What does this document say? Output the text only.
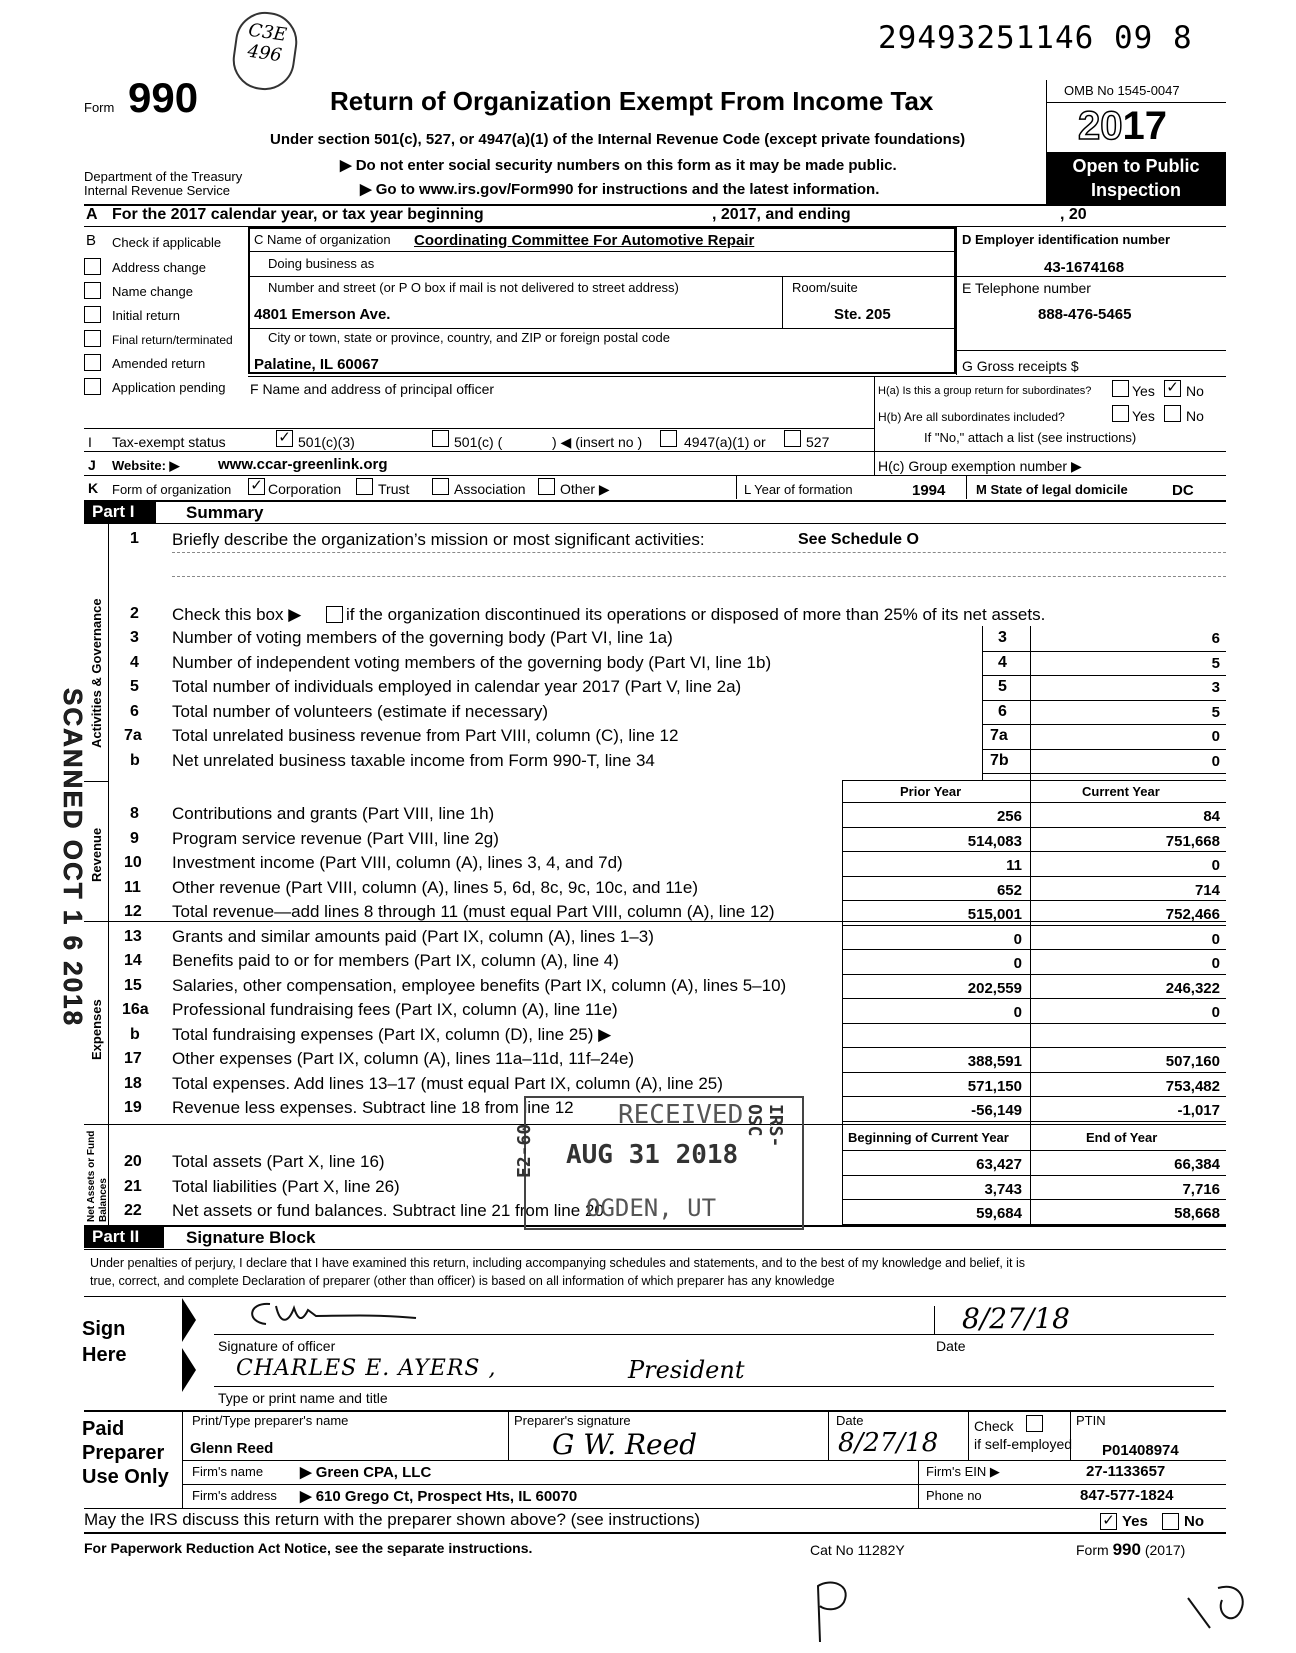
29493251146 09 8
C3E
496
Form 990
Department of the Treasury
Internal Revenue Service
Return of Organization Exempt From Income Tax
Under section 501(c), 527, or 4947(a)(1) of the Internal Revenue Code (except private foundations)
▶ Do not enter social security numbers on this form as it may be made public.
▶ Go to www.irs.gov/Form990 for instructions and the latest information.
OMB No 1545-0047
2017
Open to Public
Inspection
A For the 2017 calendar year, or tax year beginning	, 2017, and ending	, 20
B Check if applicable
Address change
Name change
Initial return
Final return/terminated
Amended return
Application pending
C Name of organization Coordinating Committee For Automotive Repair
Doing business as
Number and street (or P O box if mail is not delivered to street address)	Room/suite
4801 Emerson Ave.	Ste. 205
City or town, state or province, country, and ZIP or foreign postal code
Palatine, IL 60067
D Employer identification number
43-1674168
E Telephone number
888-476-5465
G Gross receipts $
F Name and address of principal officer	H(a) Is this a group return for subordinates?	Yes ✓ No
H(b) Are all subordinates included?	Yes No
If "No," attach a list (see instructions)
H(c) Group exemption number ▶
I Tax-exempt status	✓ 501(c)(3)	501(c) (	) ◀ (insert no )	4947(a)(1) or	527
J Website: ▶	www.ccar-greenlink.org
K Form of organization ✓ Corporation	Trust	Association Other ▶	L Year of formation	1994 M State of legal domicile	DC
Part I	Summary
Activities & Governance
Revenue
Expenses
Net Assets or Fund Balances
1 Briefly describe the organization’s mission or most significant activities:	See Schedule O
2 Check this box ▶	if the organization discontinued its operations or disposed of more than 25% of its net assets.
3 Number of voting members of the governing body (Part VI, line 1a)	3	6
4 Number of independent voting members of the governing body (Part VI, line 1b)	4	5
5 Total number of individuals employed in calendar year 2017 (Part V, line 2a)	5	3
6 Total number of volunteers (estimate if necessary)	6	5
7a Total unrelated business revenue from Part VIII, column (C), line 12	7a	0
b Net unrelated business taxable income from Form 990-T, line 34	7b	0
Prior Year	Current Year
8 Contributions and grants (Part VIII, line 1h)	256	84
9 Program service revenue (Part VIII, line 2g)	514,083	751,668
10 Investment income (Part VIII, column (A), lines 3, 4, and 7d)	11	0
11 Other revenue (Part VIII, column (A), lines 5, 6d, 8c, 9c, 10c, and 11e)	652	714
12 Total revenue—add lines 8 through 11 (must equal Part VIII, column (A), line 12)	515,001	752,466
13 Grants and similar amounts paid (Part IX, column (A), lines 1–3)	0	0
14 Benefits paid to or for members (Part IX, column (A), line 4)	0	0
15 Salaries, other compensation, employee benefits (Part IX, column (A), lines 5–10)	202,559	246,322
16a Professional fundraising fees (Part IX, column (A), line 11e)	0	0
b Total fundraising expenses (Part IX, column (D), line 25) ▶
17 Other expenses (Part IX, column (A), lines 11a–11d, 11f–24e)	388,591	507,160
18 Total expenses. Add lines 13–17 (must equal Part IX, column (A), line 25)	571,150	753,482
19 Revenue less expenses. Subtract line 18 from line 12	-56,149	-1,017
Beginning of Current Year	End of Year
20 Total assets (Part X, line 16)	63,427	66,384
21 Total liabilities (Part X, line 26)	3,743	7,716
22 Net assets or fund balances. Subtract line 21 from line 20	59,684	58,668
Part II	Signature Block
Under penalties of perjury, I declare that I have examined this return, including accompanying schedules and statements, and to the best of my knowledge and belief, it is
true, correct, and complete Declaration of preparer (other than officer) is based on all information of which preparer has any knowledge
Sign
Here
8/27/18
Signature of officer	Date
CHARLES E. AYERS ,	President
Type or print name and title
Paid
Preparer
Use Only
Print/Type preparer's name
Glenn Reed
Preparer's signature
G W. Reed
Date
8/27/18
Check
if self-employed
PTIN
P01408974
Firm's name ▶ Green CPA, LLC	Firm's EIN ▶	27-1133657
Firm's address ▶ 610 Grego Ct, Prospect Hts, IL 60070	Phone no	847-577-1824
May the IRS discuss this return with the preparer shown above? (see instructions)	✓ Yes No
For Paperwork Reduction Act Notice, see the separate instructions.	Cat No 11282Y	Form 990 (2017)
SCANNED OCT 1 6 2018
RECEIVED
AUG 31 2018
OGDEN, UT
E2-60	IRS-OSC
